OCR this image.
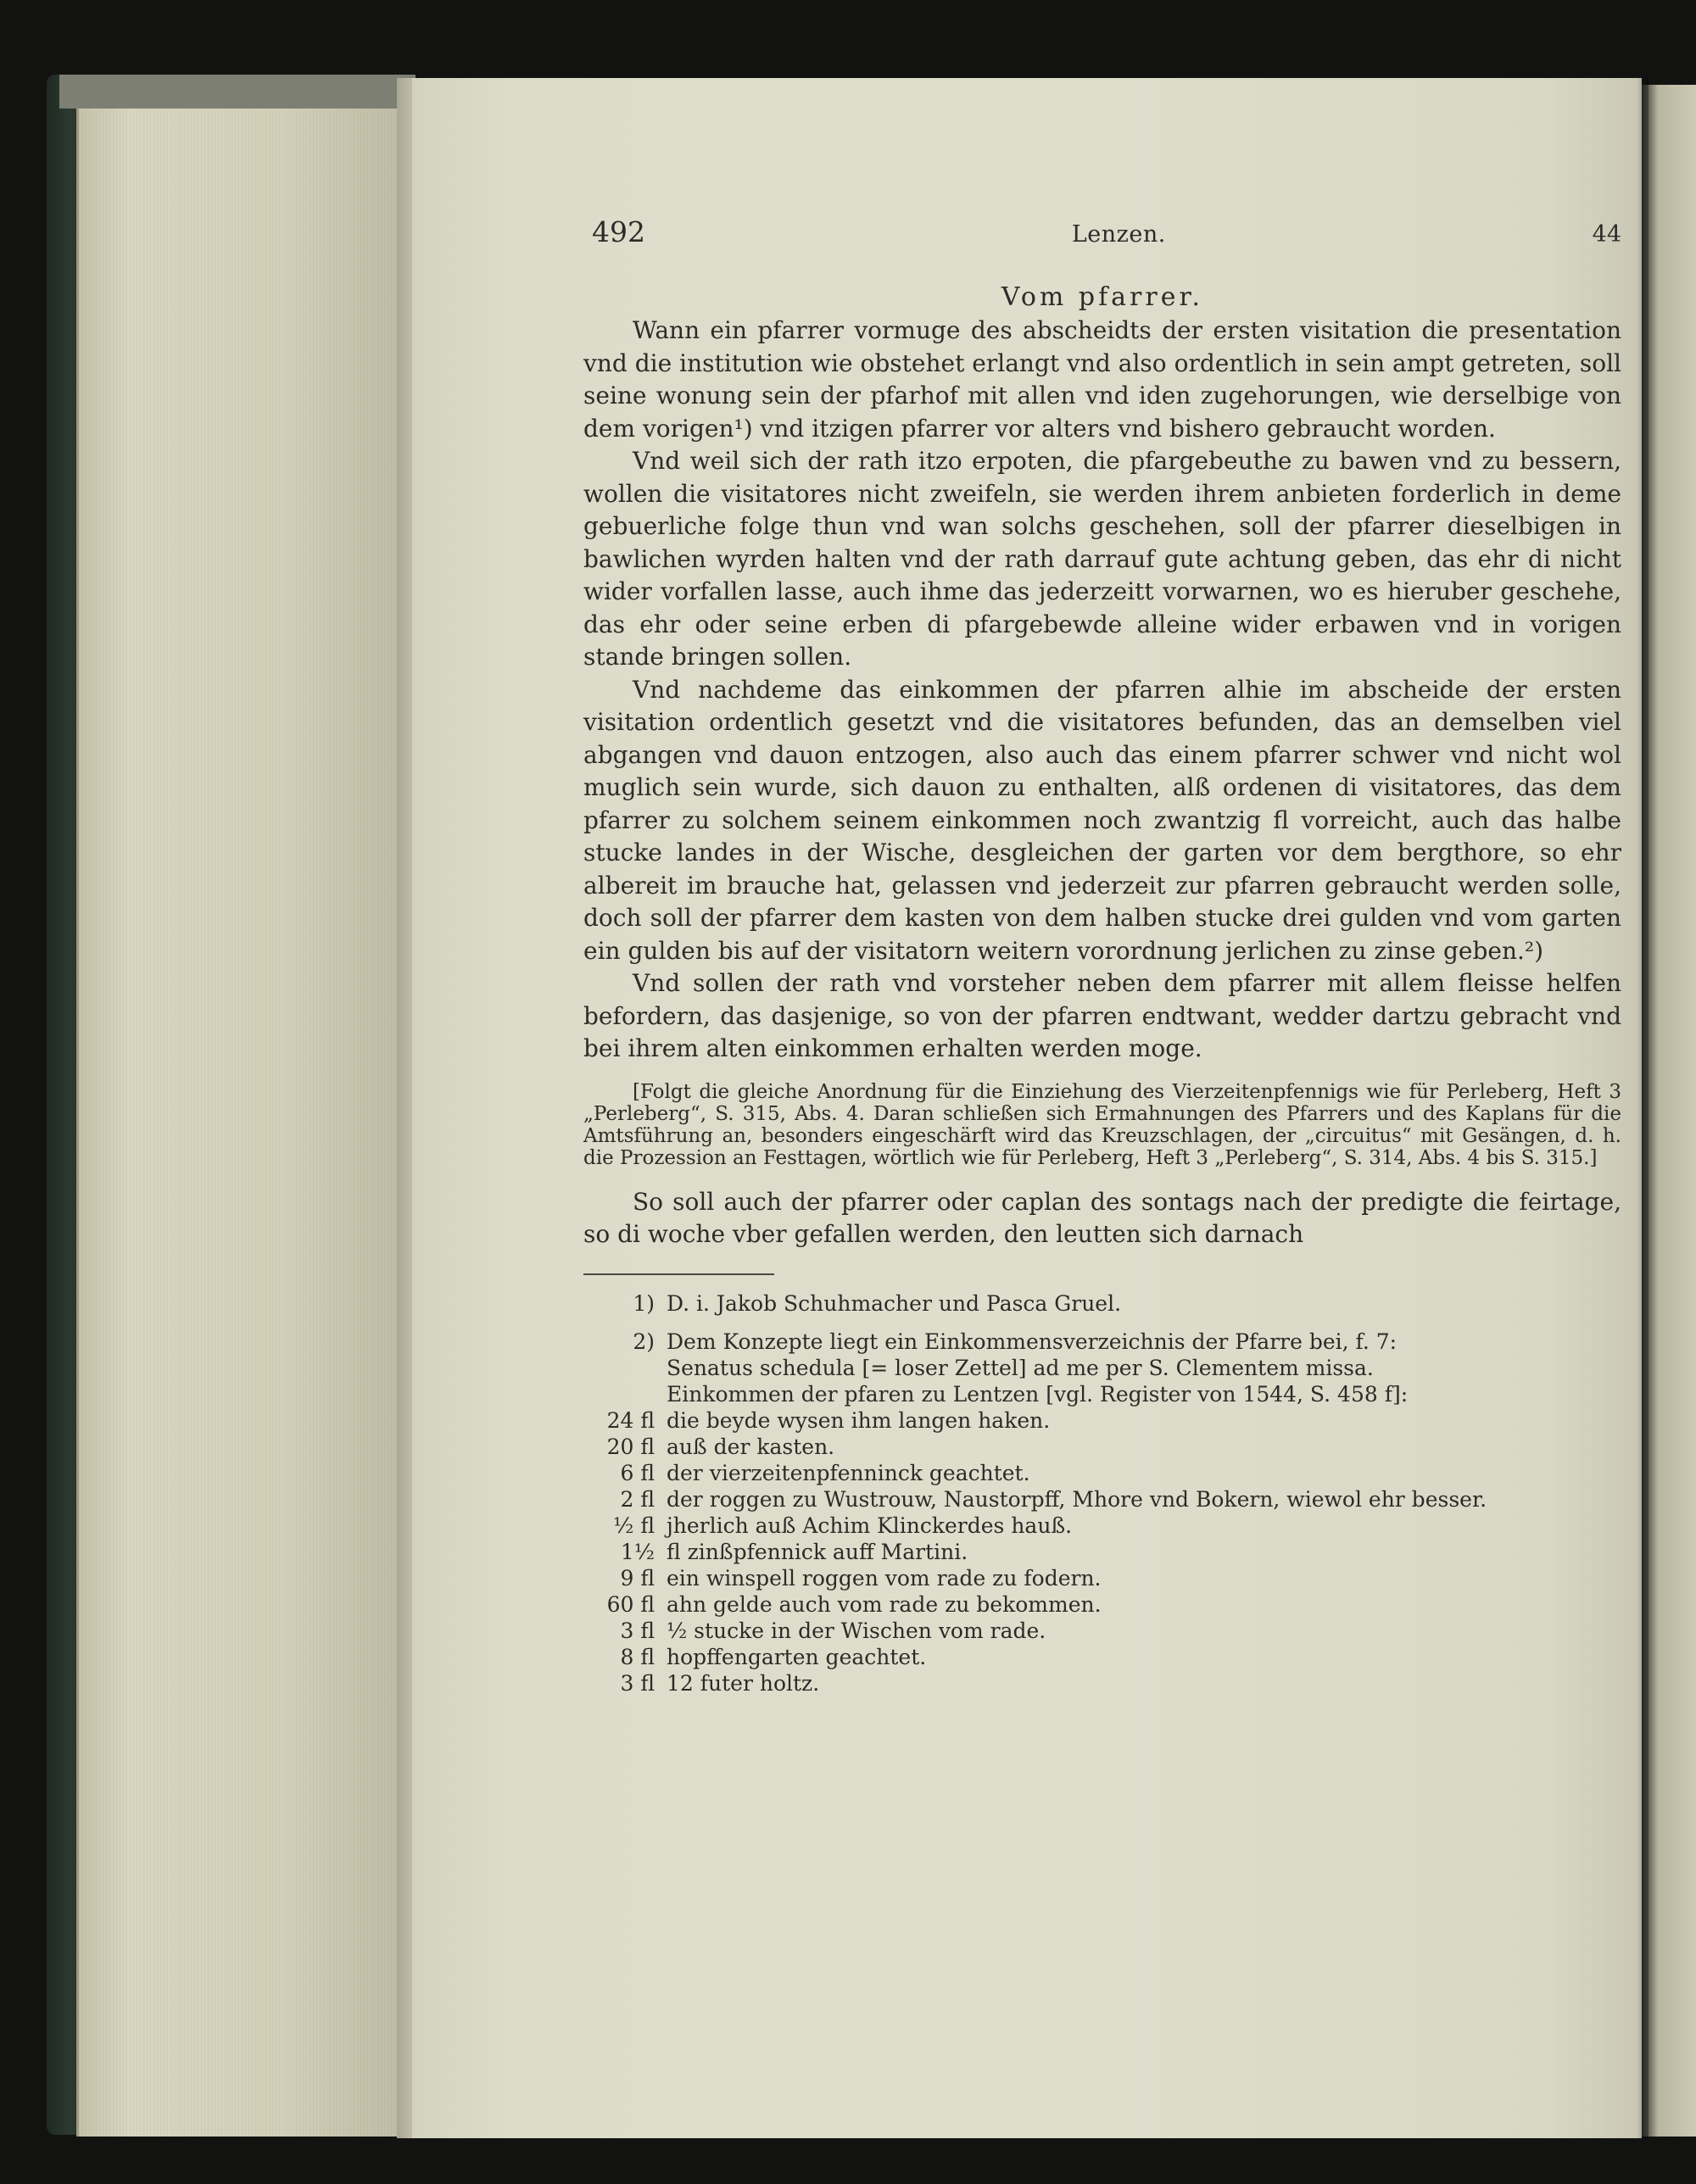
492	Lenzen.	44
Vom pfarrer.

Wann ein pfarrer vormuge des abscheidts der ersten visitation die presentation vnd die institution wie obstehet erlangt vnd also ordentlich in sein ampt getreten, soll seine wonung sein der pfarhof mit allen vnd iden zugehorungen, wie derselbige von dem vorigen¹) vnd itzigen pfarrer vor alters vnd bishero gebraucht worden.

Vnd weil sich der rath itzo erpoten, die pfargebeuthe zu bawen vnd zu bessern, wollen die visitatores nicht zweifeln, sie werden ihrem anbieten forderlich in deme gebuerliche folge thun vnd wan solchs geschehen, soll der pfarrer dieselbigen in bawlichen wyrden halten vnd der rath darrauf gute achtung geben, das ehr di nicht wider vorfallen lasse, auch ihme das jederzeitt vorwarnen, wo es hieruber geschehe, das ehr oder seine erben di pfargebewde alleine wider erbawen vnd in vorigen stande bringen sollen.

Vnd nachdeme das einkommen der pfarren alhie im abscheide der ersten visitation ordentlich gesetzt vnd die visitatores befunden, das an demselben viel abgangen vnd dauon entzogen, also auch das einem pfarrer schwer vnd nicht wol muglich sein wurde, sich dauon zu enthalten, alß ordenen di visitatores, das dem pfarrer zu solchem seinem einkommen noch zwantzig fl vorreicht, auch das halbe stucke landes in der Wische, desgleichen der garten vor dem bergthore, so ehr albereit im brauche hat, gelassen vnd jederzeit zur pfarren gebraucht werden solle, doch soll der pfarrer dem kasten von dem halben stucke drei gulden vnd vom garten ein gulden bis auf der visitatorn weitern vorordnung jerlichen zu zinse geben.²)

Vnd sollen der rath vnd vorsteher neben dem pfarrer mit allem fleisse helfen befordern, das dasjenige, so von der pfarren endtwant, wedder dartzu gebracht vnd bei ihrem alten einkommen erhalten werden moge.

[Folgt die gleiche Anordnung für die Einziehung des Vierzeitenpfennigs wie für Perleberg, Heft 3 „Perleberg“, S. 315, Abs. 4. Daran schließen sich Ermahnungen des Pfarrers und des Kaplans für die Amtsführung an, besonders eingeschärft wird das Kreuzschlagen, der „circuitus“ mit Gesängen, d. h. die Prozession an Festtagen, wörtlich wie für Perleberg, Heft 3 „Perleberg“, S. 314, Abs. 4 bis S. 315.]

So soll auch der pfarrer oder caplan des sontags nach der predigte die feirtage, so di woche vber gefallen werden, den leutten sich darnach

1) D. i. Jakob Schuhmacher und Pasca Gruel.
2) Dem Konzepte liegt ein Einkommensverzeichnis der Pfarre bei, f. 7:
Senatus schedula [= loser Zettel] ad me per S. Clementem missa.
Einkommen der pfaren zu Lentzen [vgl. Register von 1544, S. 458 f]:
24 fl die beyde wysen ihm langen haken.
20 fl auß der kasten.
6 fl der vierzeitenpfenninck geachtet.
2 fl der roggen zu Wustrouw, Naustorpff, Mhore vnd Bokern, wiewol ehr besser.
½ fl jherlich auß Achim Klinckerdes hauß.
1½ fl zinßpfennick auff Martini.
9 fl ein winspell roggen vom rade zu fodern.
60 fl ahn gelde auch vom rade zu bekommen.
3 fl ½ stucke in der Wischen vom rade.
8 fl hopffengarten geachtet.
3 fl 12 futer holtz.
